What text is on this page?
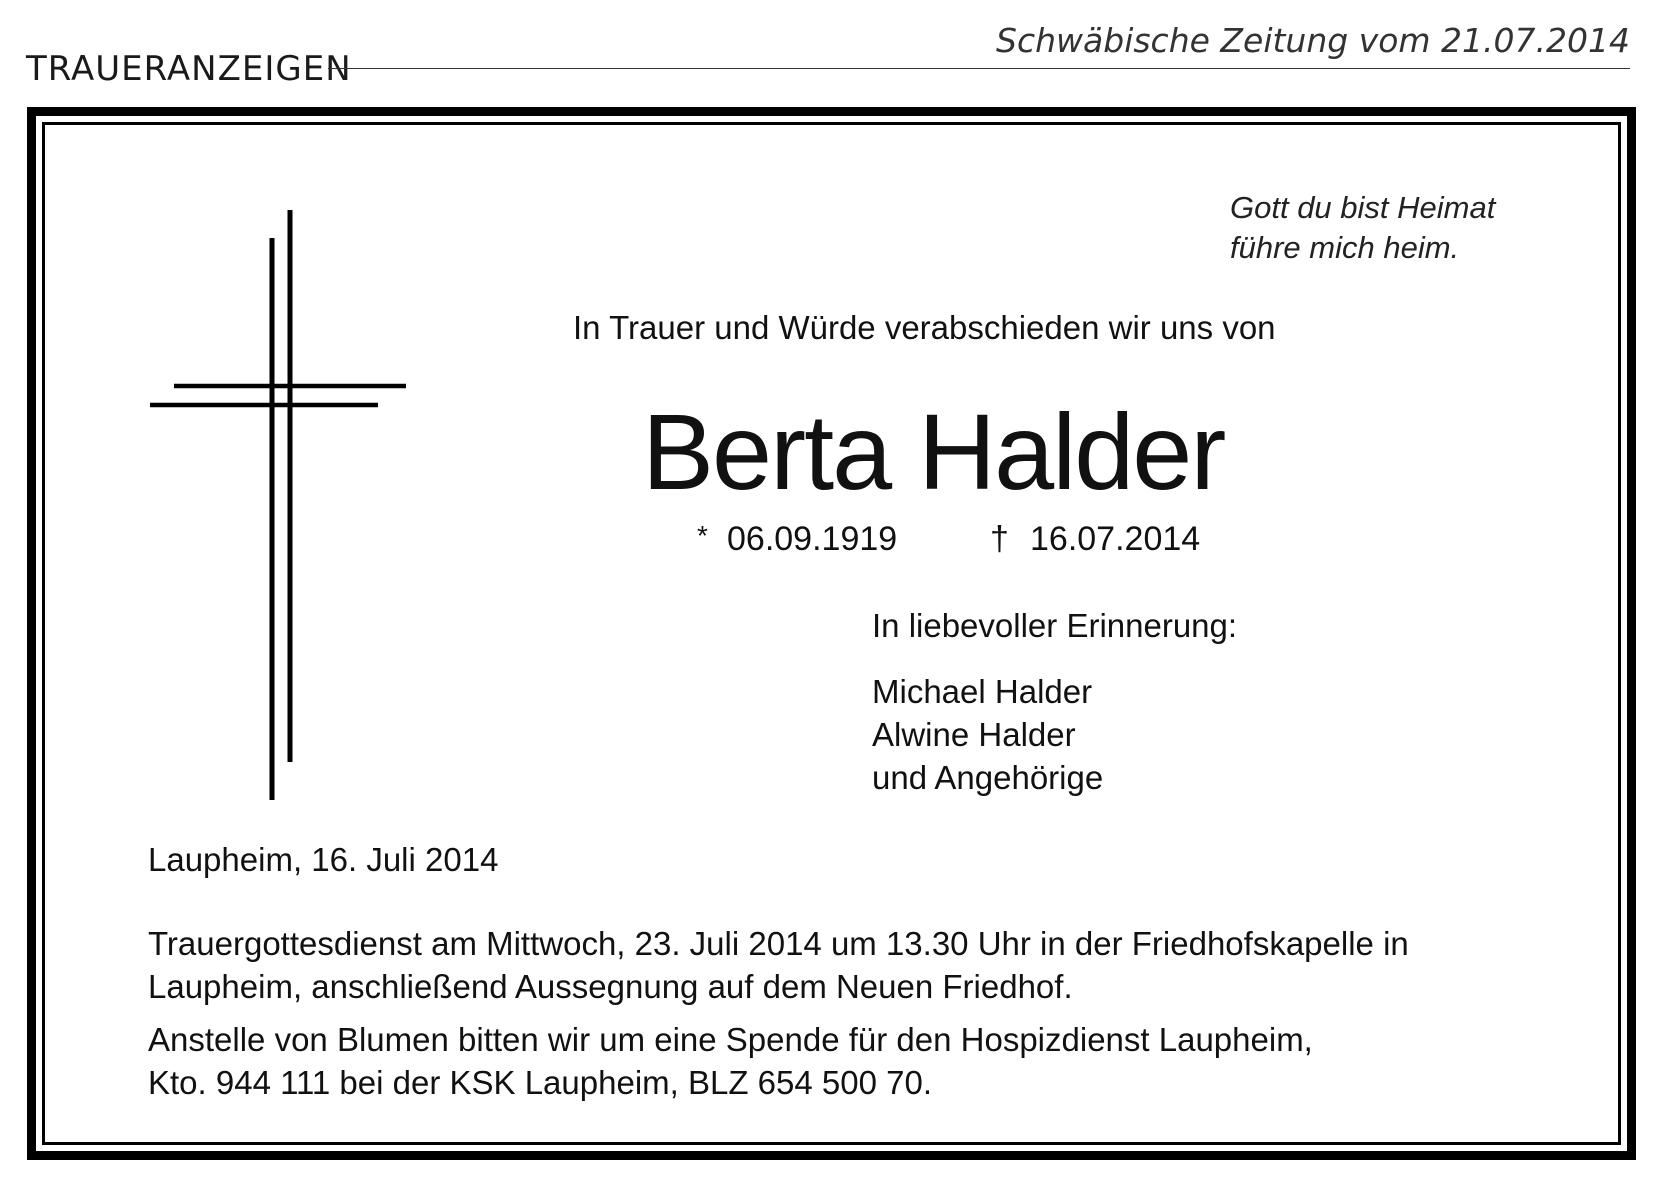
TRAUERANZEIGEN
Schwäbische Zeitung vom 21.07.2014
Gott du bist Heimat
führe mich heim.
In Trauer und Würde verabschieden wir uns von
Berta Halder
* 06.09.1919	† 16.07.2014
In liebevoller Erinnerung:
Michael Halder
Alwine Halder
und Angehörige
Laupheim, 16. Juli 2014
Trauergottesdienst am Mittwoch, 23. Juli 2014 um 13.30 Uhr in der Friedhofskapelle in
Laupheim, anschließend Aussegnung auf dem Neuen Friedhof.
Anstelle von Blumen bitten wir um eine Spende für den Hospizdienst Laupheim,
Kto. 944 111 bei der KSK Laupheim, BLZ 654 500 70.
